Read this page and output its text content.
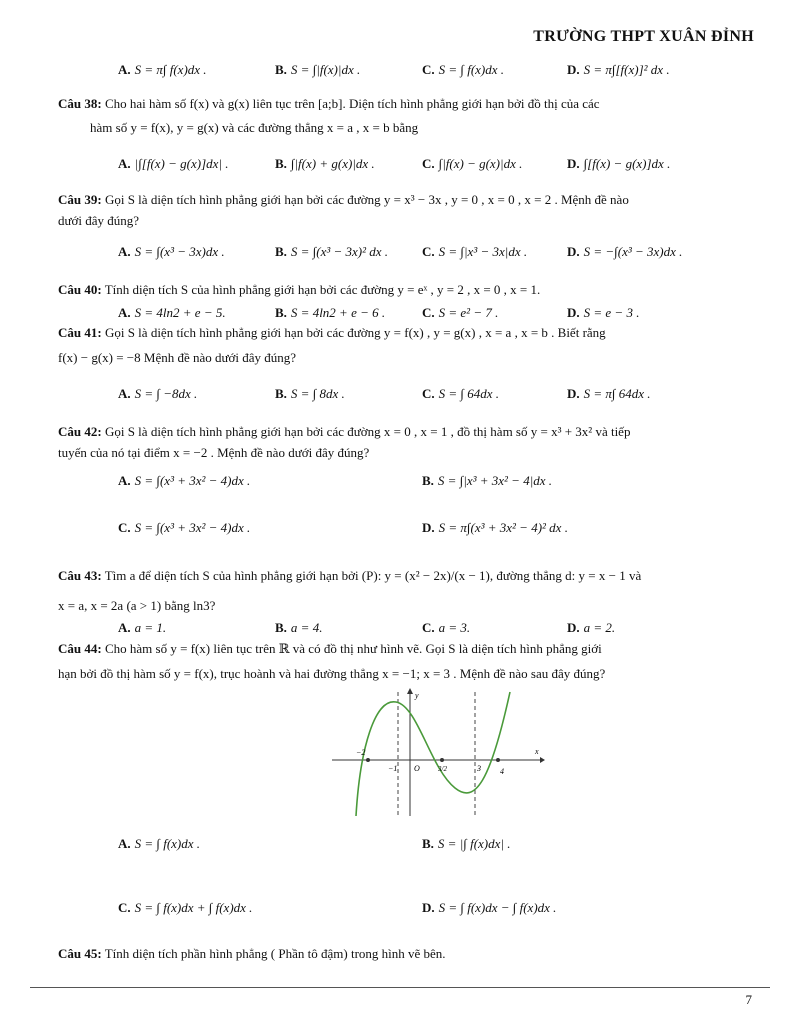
TRƯỜNG THPT XUÂN ĐỈNH
A. S = π∫ f(x)dx .	B. S = ∫|f(x)|dx .	C. S = ∫ f(x)dx .	D. S = π∫[f(x)]² dx .
Câu 38: Cho hai hàm số f(x) và g(x) liên tục trên [a;b]. Diện tích hình phẳng giới hạn bởi đồ thị của các
hàm số y = f(x), y = g(x) và các đường thẳng x = a , x = b bằng
A. |∫[f(x) − g(x)]dx| .	B. ∫|f(x) + g(x)|dx .	C. ∫|f(x) − g(x)|dx .	D. ∫[f(x) − g(x)]dx .
Câu 39: Gọi S là diện tích hình phẳng giới hạn bởi các đường y = x³ − 3x , y = 0 , x = 0 , x = 2 . Mệnh đề nào
dưới đây đúng?
A. S = ∫(x³ − 3x)dx .	B. S = ∫(x³ − 3x)² dx .	C. S = ∫|x³ − 3x|dx .	D. S = −∫(x³ − 3x)dx .
Câu 40: Tính diện tích S của hình phẳng giới hạn bởi các đường y = eˣ , y = 2 , x = 0 , x = 1.
A. S = 4ln2 + e − 5.	B. S = 4ln2 + e − 6 .	C. S = e² − 7 .	D. S = e − 3 .
Câu 41: Gọi S là diện tích hình phẳng giới hạn bởi các đường y = f(x) , y = g(x) , x = a , x = b . Biết rằng
f(x) − g(x) = −8 Mệnh đề nào dưới đây đúng?
A. S = ∫ −8dx .	B. S = ∫ 8dx .	C. S = ∫ 64dx .	D. S = π∫ 64dx .
Câu 42: Gọi S là diện tích hình phẳng giới hạn bởi các đường x = 0 , x = 1 , đồ thị hàm số y = x³ + 3x² và tiếp
tuyến của nó tại điểm x = −2 . Mệnh đề nào dưới đây đúng?
A. S = ∫(x³ + 3x² − 4)dx .	B. S = ∫|x³ + 3x² − 4|dx .
C. S = ∫(x³ + 3x² − 4)dx .	D. S = π∫(x³ + 3x² − 4)² dx .
Câu 43: Tìm a để diện tích S của hình phẳng giới hạn bởi (P): y = (x² − 2x)/(x − 1), đường thẳng d: y = x − 1 và
x = a, x = 2a (a > 1) bằng ln3?
A. a = 1.	B. a = 4.	C. a = 3.	D. a = 2.
Câu 44: Cho hàm số y = f(x) liên tục trên ℝ và có đồ thị như hình vẽ. Gọi S là diện tích hình phẳng giới
hạn bởi đồ thị hàm số y = f(x), trục hoành và hai đường thẳng x = −1; x = 3 . Mệnh đề nào sau đây đúng?
−2
−1 O	3/2	3 4
y
x
A. S = ∫ f(x)dx .	B. S = |∫ f(x)dx| .
C. S = ∫ f(x)dx + ∫ f(x)dx .	D. S = ∫ f(x)dx − ∫ f(x)dx .
Câu 45: Tính diện tích phần hình phẳng ( Phần tô đậm) trong hình vẽ bên.
7
